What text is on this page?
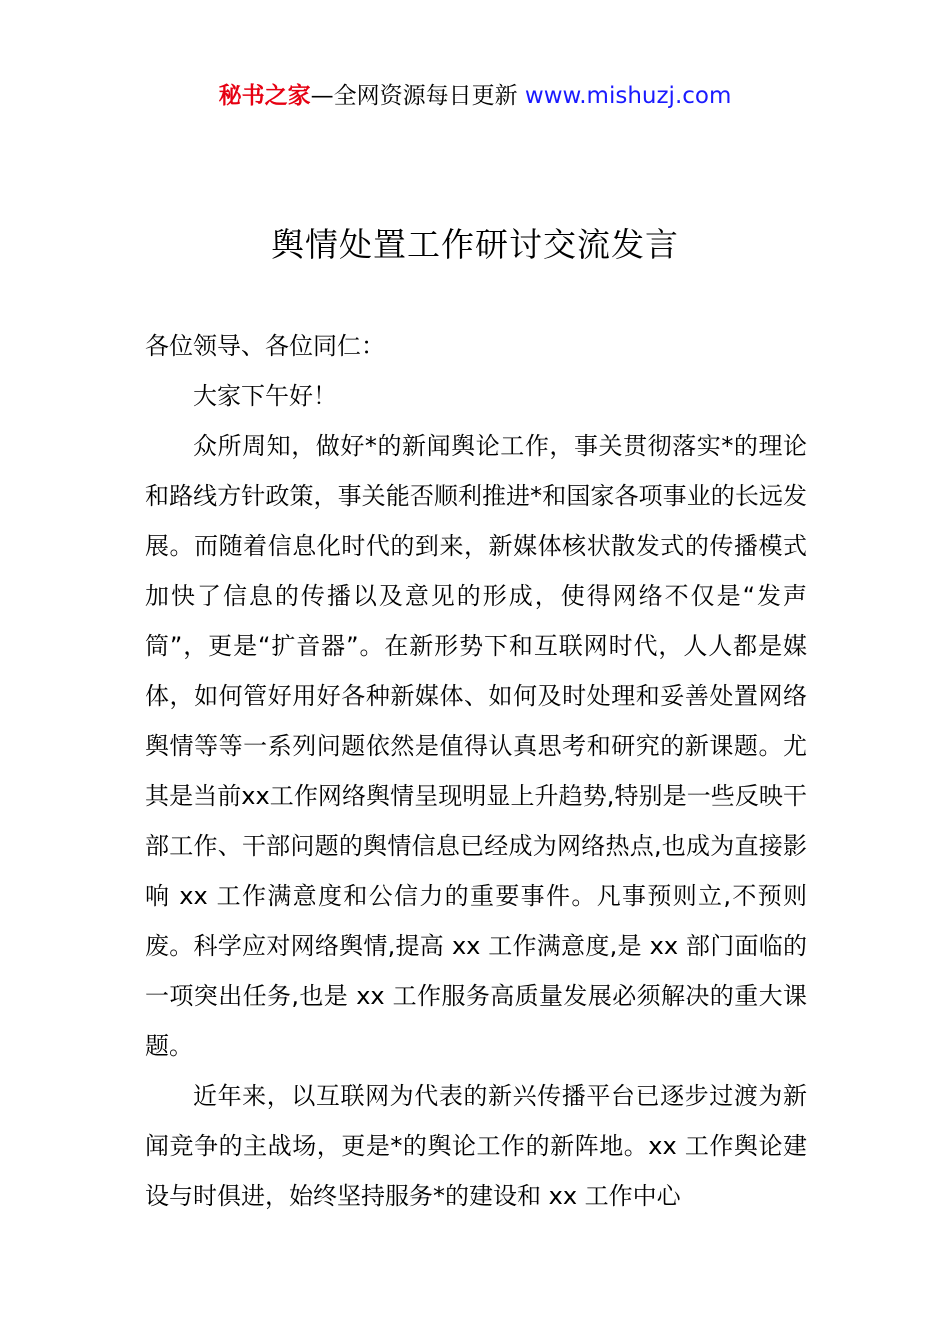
秘书之家—全网资源每日更新 www.mishuzj.com
舆情处置工作研讨交流发言

各位领导、各位同仁：

大家下午好！

众所周知，做好*的新闻舆论工作，事关贯彻落实*的理论和路线方针政策，事关能否顺利推进*和国家各项事业的长远发展。而随着信息化时代的到来，新媒体核状散发式的传播模式加快了信息的传播以及意见的形成，使得网络不仅是“发声筒”，更是“扩音器”。在新形势下和互联网时代，人人都是媒体，如何管好用好各种新媒体、如何及时处理和妥善处置网络舆情等等一系列问题依然是值得认真思考和研究的新课题。尤其是当前xx工作网络舆情呈现明显上升趋势,特别是一些反映干部工作、干部问题的舆情信息已经成为网络热点,也成为直接影响 xx 工作满意度和公信力的重要事件。凡事预则立,不预则废。科学应对网络舆情,提高 xx 工作满意度,是 xx 部门面临的一项突出任务,也是 xx 工作服务高质量发展必须解决的重大课题。

近年来，以互联网为代表的新兴传播平台已逐步过渡为新闻竞争的主战场，更是*的舆论工作的新阵地。xx 工作舆论建设与时俱进，始终坚持服务*的建设和 xx 工作中心
